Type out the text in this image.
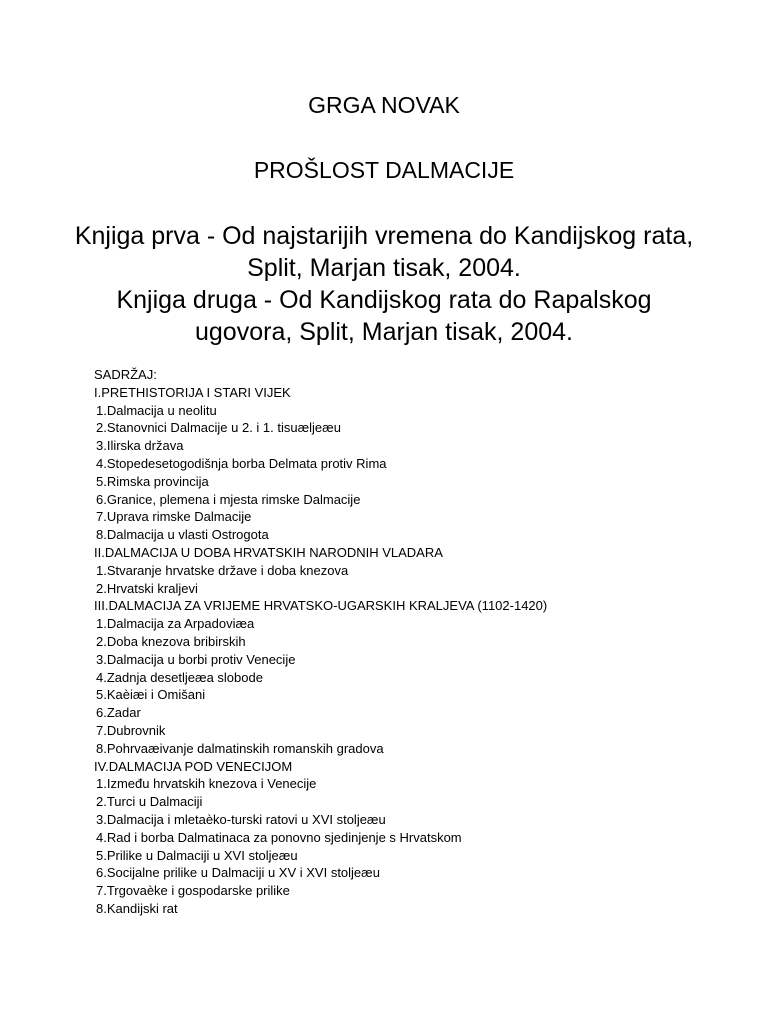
GRGA NOVAK
PROŠLOST DALMACIJE
Knjiga prva - Od najstarijih vremena do Kandijskog rata, Split, Marjan tisak, 2004.
Knjiga druga - Od Kandijskog rata do Rapalskog ugovora, Split, Marjan tisak, 2004.
SADRŽAJ:
I.PRETHISTORIJA I STARI VIJEK
1.Dalmacija u neolitu
2.Stanovnici Dalmacije u 2. i 1. tisuæljeæu
3.Ilirska država
4.Stopedesetogodišnja borba Delmata protiv Rima
5.Rimska provincija
6.Granice, plemena i mjesta rimske Dalmacije
7.Uprava rimske Dalmacije
8.Dalmacija u vlasti Ostrogota
II.DALMACIJA U DOBA HRVATSKIH NARODNIH VLADARA
1.Stvaranje hrvatske države i doba knezova
2.Hrvatski kraljevi
III.DALMACIJA ZA VRIJEME HRVATSKO-UGARSKIH KRALJEVA (1102-1420)
1.Dalmacija za Arpadoviæa
2.Doba knezova bribirskih
3.Dalmacija u borbi protiv Venecije
4.Zadnja desetljeæa slobode
5.Kaèiæi i Omišani
6.Zadar
7.Dubrovnik
8.Pohrvaæivanje dalmatinskih romanskih gradova
IV.DALMACIJA POD VENECIJOM
1.Između hrvatskih knezova i Venecije
2.Turci u Dalmaciji
3.Dalmacija i mletaèko-turski ratovi u XVI stoljeæu
4.Rad i borba Dalmatinaca za ponovno sjedinjenje s Hrvatskom
5.Prilike u Dalmaciji u XVI stoljeæu
6.Socijalne prilike u Dalmaciji u XV i XVI stoljeæu
7.Trgovaèke i gospodarske prilike
8.Kandijski rat
